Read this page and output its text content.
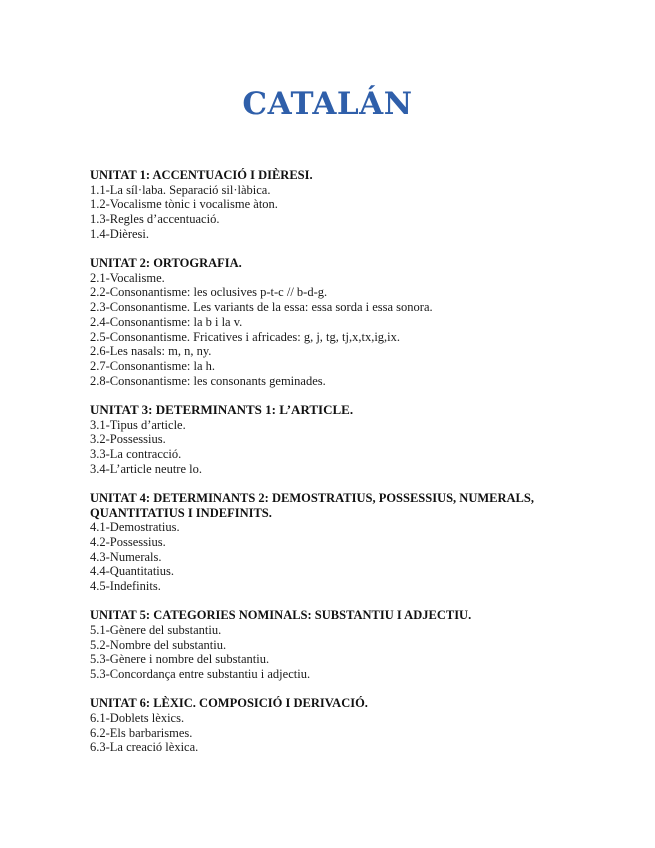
CATALÁN
UNITAT 1: ACCENTUACIÓ I DIÈRESI.
1.1-La síl·laba. Separació sil·làbica.
1.2-Vocalisme tònic i vocalisme àton.
1.3-Regles d’accentuació.
1.4-Dièresi.
UNITAT 2: ORTOGRAFIA.
2.1-Vocalisme.
2.2-Consonantisme: les oclusives p-t-c // b-d-g.
2.3-Consonantisme. Les variants de la essa: essa sorda i essa sonora.
2.4-Consonantisme: la b i la v.
2.5-Consonantisme. Fricatives i africades: g, j, tg, tj,x,tx,ig,ix.
2.6-Les nasals: m, n, ny.
2.7-Consonantisme: la h.
2.8-Consonantisme: les consonants geminades.
UNITAT 3: DETERMINANTS 1: L’ARTICLE.
3.1-Tipus d’article.
3.2-Possessius.
3.3-La contracció.
3.4-L’article neutre lo.
UNITAT 4: DETERMINANTS 2: DEMOSTRATIUS, POSSESSIUS, NUMERALS, QUANTITATIUS I INDEFINITS.
4.1-Demostratius.
4.2-Possessius.
4.3-Numerals.
4.4-Quantitatius.
4.5-Indefinits.
UNITAT 5: CATEGORIES NOMINALS: SUBSTANTIU I ADJECTIU.
5.1-Gènere del substantiu.
5.2-Nombre del substantiu.
5.3-Gènere i nombre del substantiu.
5.3-Concordança entre substantiu i adjectiu.
UNITAT 6: LÈXIC. COMPOSICIÓ I DERIVACIÓ.
6.1-Doblets lèxics.
6.2-Els barbarismes.
6.3-La creació lèxica.
